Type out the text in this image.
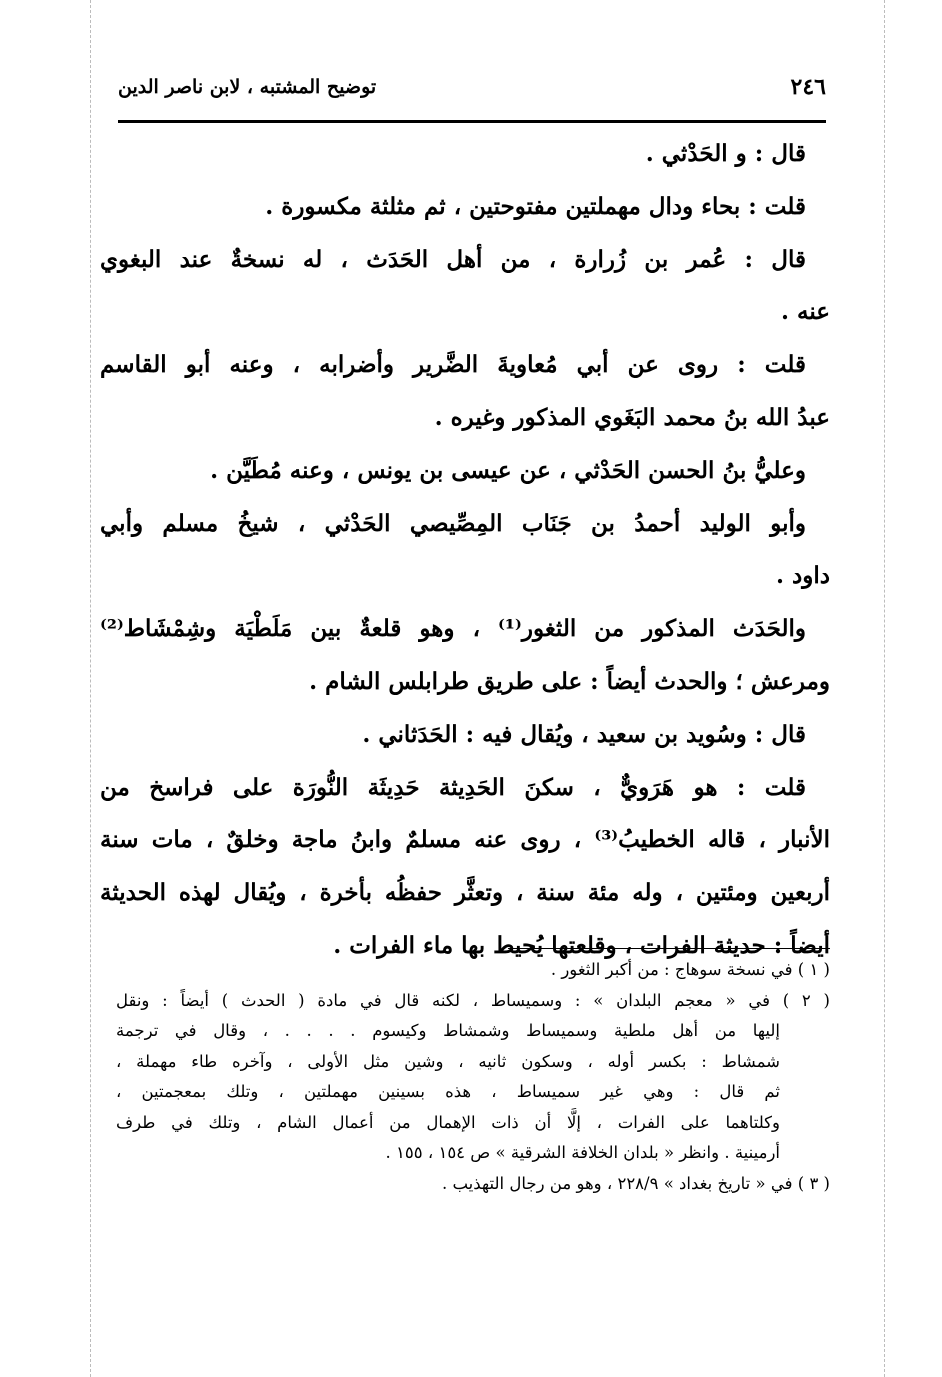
٢٤٦
توضيح المشتبه ، لابن ناصر الدين
قال : و الحَدْثي .
قلت : بحاء ودال مهملتين مفتوحتين ، ثم مثلثة مكسورة .
قال : عُمر بن زُرارة ، من أهل الحَدَث ، له نسخةٌ عند البغوي
عنه .
قلت : روى عن أبي مُعاويةَ الضَّرير وأضرابه ، وعنه أبو القاسم
عبدُ الله بنُ محمد البَغَوي المذكور وغيره .
وعليُّ بنُ الحسن الحَدْثي ، عن عيسى بن يونس ، وعنه مُطَيَّن .
وأبو الوليد أحمدُ بن جَنَاب المِصِّيصي الحَدْثي ، شيخُ مسلم وأبي
داود .
والحَدَث المذكور من الثغور⁽¹⁾ ، وهو قلعةٌ بين مَلَطْيَة وشِمْشَاط⁽²⁾
ومرعش ؛ والحدث أيضاً : على طريق طرابلس الشام .
قال : وسُويد بن سعيد ، ويُقال فيه : الحَدَثاني .
قلت : هو هَرَويٌّ ، سكنَ الحَدِيثة حَدِيثَة النُّورَة على فراسخ من
الأنبار ، قاله الخطيبُ⁽³⁾ ، روى عنه مسلمٌ وابنُ ماجة وخلقٌ ، مات سنة
أربعين ومئتين ، وله مئة سنة ، وتعثَّر حفظُه بأخرة ، ويُقال لهذه الحديثة
أيضاً : حديثة الفرات ، وقلعتها يُحيط بها ماء الفرات .
( ١ ) في نسخة سوهاج : من أكبر الثغور .
( ٢ ) في « معجم البلدان » : وسميساط ، لكنه قال في مادة ( الحدث ) أيضاً : ونقل
إليها من أهل ملطية وسميساط وشمشاط وكيسوم . . . . ، وقال في ترجمة
شمشاط : بكسر أوله ، وسكون ثانيه ، وشين مثل الأولى ، وآخره طاء مهملة ،
ثم قال : وهي غير سميساط ، هذه بسينين مهملتين ، وتلك بمعجمتين ،
وكلتاهما على الفرات ، إلَّا أن ذات الإهمال من أعمال الشام ، وتلك في طرف
أرمينية . وانظر « بلدان الخلافة الشرقية » ص ١٥٤ ، ١٥٥ .
( ٣ ) في « تاريخ بغداد » ٢٢٨/٩ ، وهو من رجال التهذيب .
